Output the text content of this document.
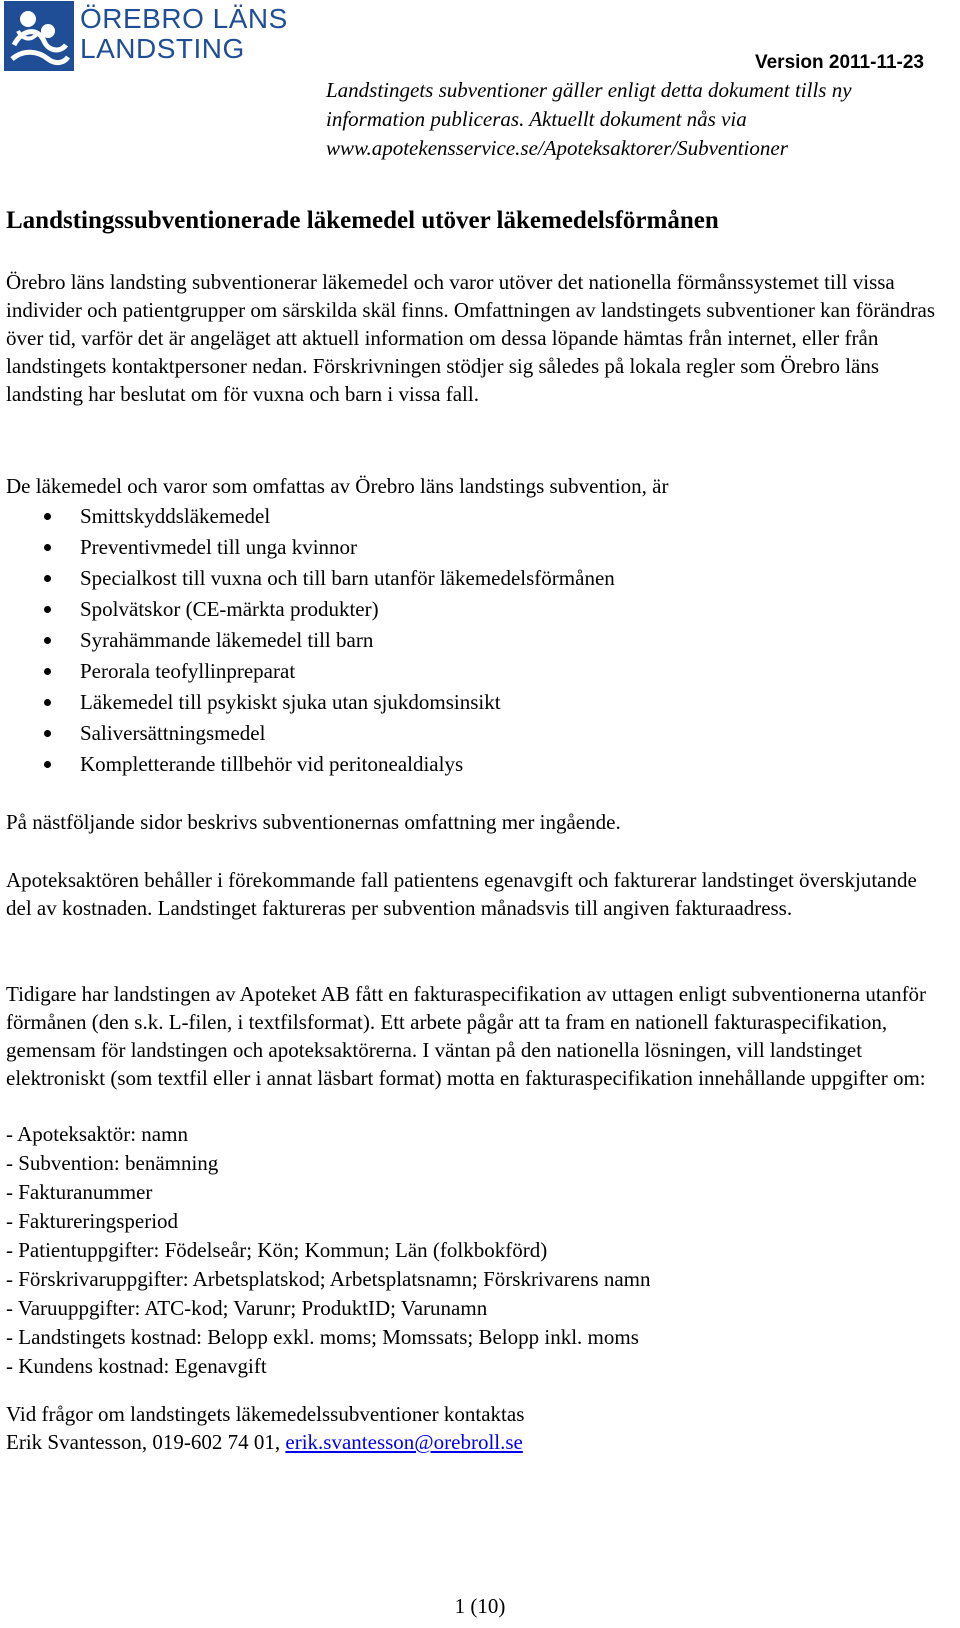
ÖREBRO LÄNS
LANDSTING	Version 2011-11-23
Landstingets subventioner gäller enligt detta dokument tills ny information publiceras. Aktuellt dokument nås via www.apotekensservice.se/Apoteksaktorer/Subventioner
Landstingssubventionerade läkemedel utöver läkemedelsförmånen

Örebro läns landsting subventionerar läkemedel och varor utöver det nationella förmånssystemet till vissa individer och patientgrupper om särskilda skäl finns. Omfattningen av landstingets subventioner kan förändras över tid, varför det är angeläget att aktuell information om dessa löpande hämtas från internet, eller från landstingets kontaktpersoner nedan. Förskrivningen stödjer sig således på lokala regler som Örebro läns landsting har beslutat om för vuxna och barn i vissa fall.

De läkemedel och varor som omfattas av Örebro läns landstings subvention, är

Smittskyddsläkemedel
Preventivmedel till unga kvinnor
Specialkost till vuxna och till barn utanför läkemedelsförmånen
Spolvätskor (CE-märkta produkter)
Syrahämmande läkemedel till barn
Perorala teofyllinpreparat
Läkemedel till psykiskt sjuka utan sjukdomsinsikt
Saliversättningsmedel
Kompletterande tillbehör vid peritonealdialys

På nästföljande sidor beskrivs subventionernas omfattning mer ingående.

Apoteksaktören behåller i förekommande fall patientens egenavgift och fakturerar landstinget överskjutande del av kostnaden. Landstinget faktureras per subvention månadsvis till angiven fakturaadress.

Tidigare har landstingen av Apoteket AB fått en fakturaspecifikation av uttagen enligt subventionerna utanför förmånen (den s.k. L-filen, i textfilsformat). Ett arbete pågår att ta fram en nationell fakturaspecifikation, gemensam för landstingen och apoteksaktörerna. I väntan på den nationella lösningen, vill landstinget elektroniskt (som textfil eller i annat läsbart format) motta en fakturaspecifikation innehållande uppgifter om:

- Apoteksaktör: namn
- Subvention: benämning
- Fakturanummer
- Faktureringsperiod
- Patientuppgifter: Födelseår; Kön; Kommun; Län (folkbokförd)
- Förskrivaruppgifter: Arbetsplatskod; Arbetsplatsnamn; Förskrivarens namn
- Varuuppgifter: ATC-kod; Varunr; ProduktID; Varunamn
- Landstingets kostnad: Belopp exkl. moms; Momssats; Belopp inkl. moms
- Kundens kostnad: Egenavgift
Vid frågor om landstingets läkemedelssubventioner kontaktas
Erik Svantesson, 019-602 74 01, erik.svantesson@orebroll.se
1 (10)
